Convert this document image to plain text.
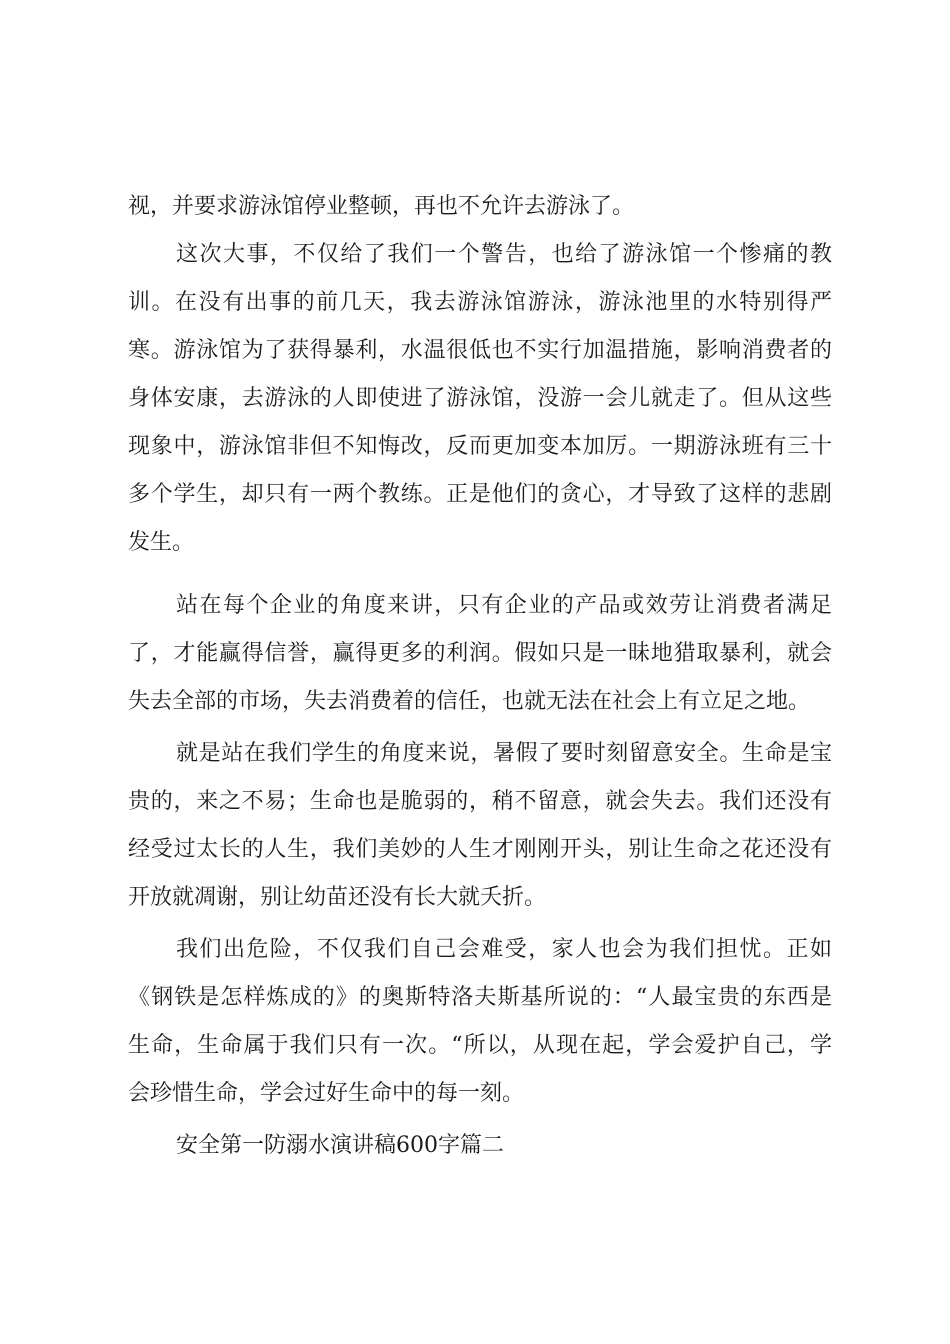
视，并要求游泳馆停业整顿，再也不允许去游泳了。
这次大事，不仅给了我们一个警告，也给了游泳馆一个惨痛的教
训。在没有出事的前几天，我去游泳馆游泳，游泳池里的水特别得严
寒。游泳馆为了获得暴利，水温很低也不实行加温措施，影响消费者的
身体安康，去游泳的人即使进了游泳馆，没游一会儿就走了。但从这些
现象中，游泳馆非但不知悔改，反而更加变本加厉。一期游泳班有三十
多个学生，却只有一两个教练。正是他们的贪心，才导致了这样的悲剧
发生。
站在每个企业的角度来讲，只有企业的产品或效劳让消费者满足
了，才能赢得信誉，赢得更多的利润。假如只是一昧地猎取暴利，就会
失去全部的市场，失去消费着的信任，也就无法在社会上有立足之地。
就是站在我们学生的角度来说，暑假了要时刻留意安全。生命是宝
贵的，来之不易；生命也是脆弱的，稍不留意，就会失去。我们还没有
经受过太长的人生，我们美妙的人生才刚刚开头，别让生命之花还没有
开放就凋谢，别让幼苗还没有长大就夭折。
我们出危险，不仅我们自己会难受，家人也会为我们担忧。正如
《钢铁是怎样炼成的》的奥斯特洛夫斯基所说的：“人最宝贵的东西是
生命，生命属于我们只有一次。“所以，从现在起，学会爱护自己，学
会珍惜生命，学会过好生命中的每一刻。
安全第一防溺水演讲稿600字篇二
